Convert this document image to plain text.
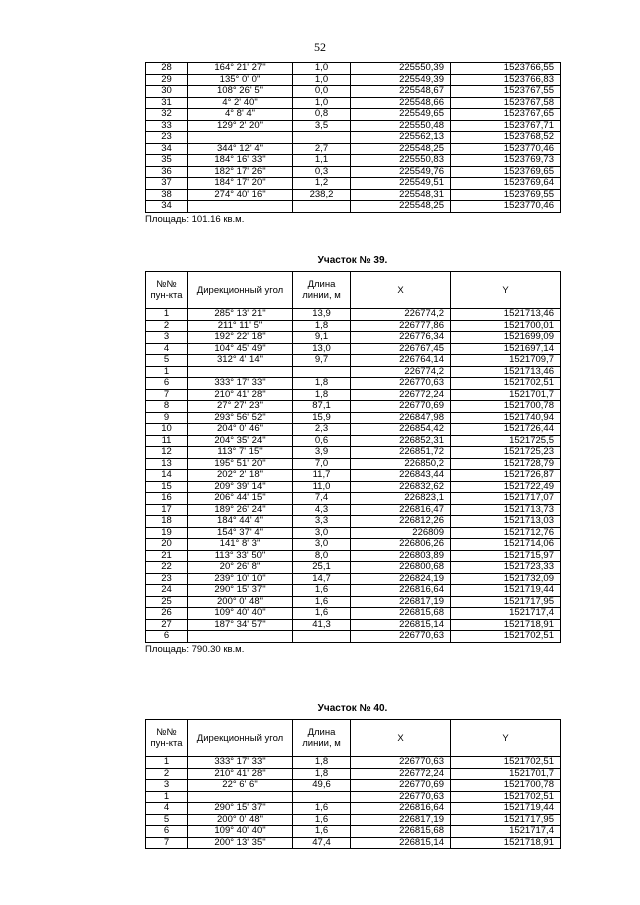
52
28	164° 21' 27"	1,0	225550,39	1523766,55
29	135° 0' 0"	1,0	225549,39	1523766,83
30	108° 26' 5"	0,0	225548,67	1523767,55
31	4° 2' 40"	1,0	225548,66	1523767,58
32	4° 8' 4"	0,8	225549,65	1523767,65
33	129° 2' 20"	3,5	225550,48	1523767,71
23			225562,13	1523768,52
34	344° 12' 4"	2,7	225548,25	1523770,46
35	184° 16' 33"	1,1	225550,83	1523769,73
36	182° 17' 26"	0,3	225549,76	1523769,65
37	184° 17' 20"	1,2	225549,51	1523769,64
38	274° 40' 16"	238,2	225548,31	1523769,55
34			225548,25	1523770,46
Площадь: 101.16 кв.м.
Участок № 39.
№№ пун-кта	Дирекционный угол	Длина линии, м	X	Y
1	285° 13' 21"	13,9	226774,2	1521713,46
2	211° 11' 5"	1,8	226777,86	1521700,01
3	192° 22' 18"	9,1	226776,34	1521699,09
4	104° 45' 49"	13,0	226767,45	1521697,14
5	312° 4' 14"	9,7	226764,14	1521709,7
1			226774,2	1521713,46
6	333° 17' 33"	1,8	226770,63	1521702,51
7	210° 41' 28"	1,8	226772,24	1521701,7
8	27° 27' 23"	87,1	226770,69	1521700,78
9	293° 56' 52"	15,9	226847,98	1521740,94
10	204° 0' 46"	2,3	226854,42	1521726,44
11	204° 35' 24"	0,6	226852,31	1521725,5
12	113° 7' 15"	3,9	226851,72	1521725,23
13	195° 51' 20"	7,0	226850,2	1521728,79
14	202° 2' 18"	11,7	226843,44	1521726,87
15	209° 39' 14"	11,0	226832,62	1521722,49
16	206° 44' 15"	7,4	226823,1	1521717,07
17	189° 26' 24"	4,3	226816,47	1521713,73
18	184° 44' 4"	3,3	226812,26	1521713,03
19	154° 37' 4"	3,0	226809	1521712,76
20	141° 8' 3"	3,0	226806,26	1521714,06
21	113° 33' 50"	8,0	226803,89	1521715,97
22	20° 26' 8"	25,1	226800,68	1521723,33
23	239° 10' 10"	14,7	226824,19	1521732,09
24	290° 15' 37"	1,6	226816,64	1521719,44
25	200° 0' 48"	1,6	226817,19	1521717,95
26	109° 40' 40"	1,6	226815,68	1521717,4
27	187° 34' 57"	41,3	226815,14	1521718,91
6			226770,63	1521702,51
Площадь: 790.30 кв.м.
Участок № 40.
№№ пун-кта	Дирекционный угол	Длина линии, м	X	Y
1	333° 17' 33"	1,8	226770,63	1521702,51
2	210° 41' 28"	1,8	226772,24	1521701,7
3	22° 6' 6"	49,6	226770,69	1521700,78
1			226770,63	1521702,51
4	290° 15' 37"	1,6	226816,64	1521719,44
5	200° 0' 48"	1,6	226817,19	1521717,95
6	109° 40' 40"	1,6	226815,68	1521717,4
7	200° 13' 35"	47,4	226815,14	1521718,91
